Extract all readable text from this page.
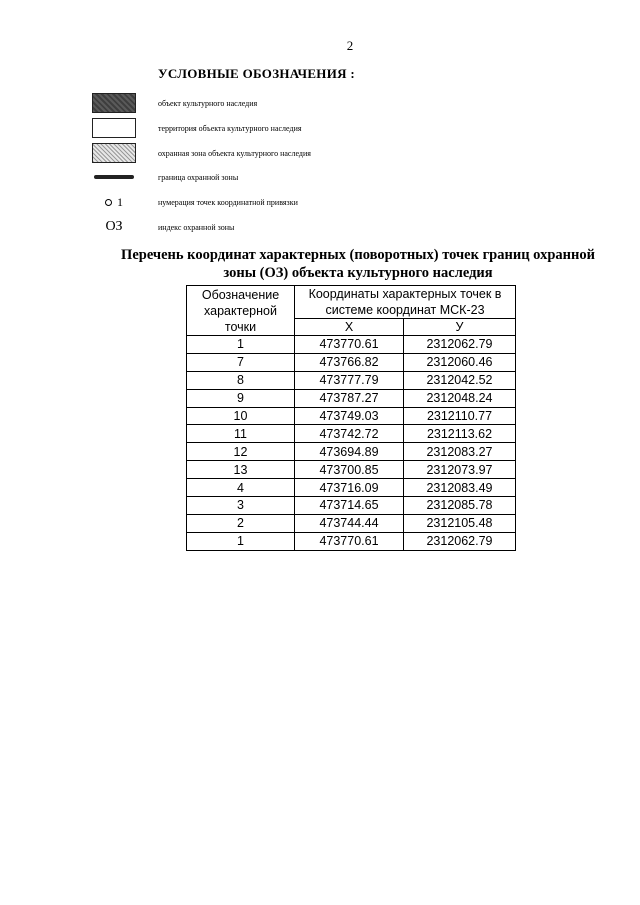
2
УСЛОВНЫЕ ОБОЗНАЧЕНИЯ :
объект культурного наследия
территория объекта культурного наследия
охранная зона объекта культурного наследия
граница охранной зоны
1	нумерация точек координатной привязки
ОЗ	индекс охранной зоны
Перечень координат характерных (поворотных) точек границ охранной
зоны (ОЗ) объекта культурного наследия
Обозначение характерной точки	Координаты характерных точек в системе координат МСК-23	
	Х	У
1	473770.61	2312062.79
7	473766.82	2312060.46
8	473777.79	2312042.52
9	473787.27	2312048.24
10	473749.03	2312110.77
11	473742.72	2312113.62
12	473694.89	2312083.27
13	473700.85	2312073.97
4	473716.09	2312083.49
3	473714.65	2312085.78
2	473744.44	2312105.48
1	473770.61	2312062.79
